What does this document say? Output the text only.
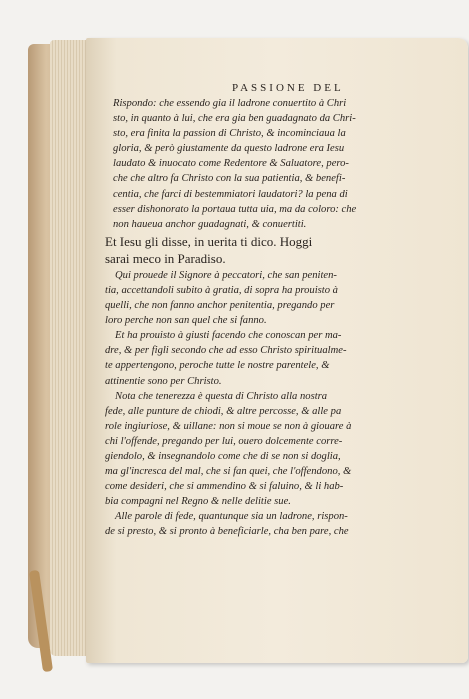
PASSIONE DEL

Rispondo: che essendo gia il ladrone conuertito à Chri
sto, in quanto à lui, che era gia ben guadagnato da Chri-
sto, era finita la passion di Christo, & incominciaua la
gloria, & però giustamente da questo ladrone era Iesu
laudato & inuocato come Redentore & Saluatore, pero-
che che altro fa Christo con la sua patientia, & benefi-
centia, che farci di bestemmiatori laudatori? la pena di
esser dishonorato la portaua tutta uia, ma da coloro: che
non haueua anchor guadagnati, & conuertiti.

Et Iesu gli disse, in uerita ti dico. Hoggi
sarai meco in Paradiso.

Qui prouede il Signore à peccatori, che san peniten-
tia, accettandoli subito à gratia, di sopra ha prouisto à
quelli, che non fanno anchor penitentia, pregando per
loro perche non san quel che si fanno.

Et ha prouisto à giusti facendo che conoscan per ma-
dre, & per figli secondo che ad esso Christo spiritualme-
te appertengono, peroche tutte le nostre parentele, &
attinentie sono per Christo.

Nota che tenerezza è questa di Christo alla nostra
fede, alle punture de chiodi, & altre percosse, & alle pa
role ingiuriose, & uillane: non si moue se non à giouare à
chi l'offende, pregando per lui, ouero dolcemente corre-
giendolo, & insegnandolo come che di se non si doglia,
ma gl'incresca del mal, che si fan quei, che l'offendono, &
come desideri, che si ammendino & si faluino, & li hab-
bia compagni nel Regno & nelle delitie sue.

Alle parole di fede, quantunque sia un ladrone, rispon-
de si presto, & si pronto à beneficiarle, cha ben pare, che
